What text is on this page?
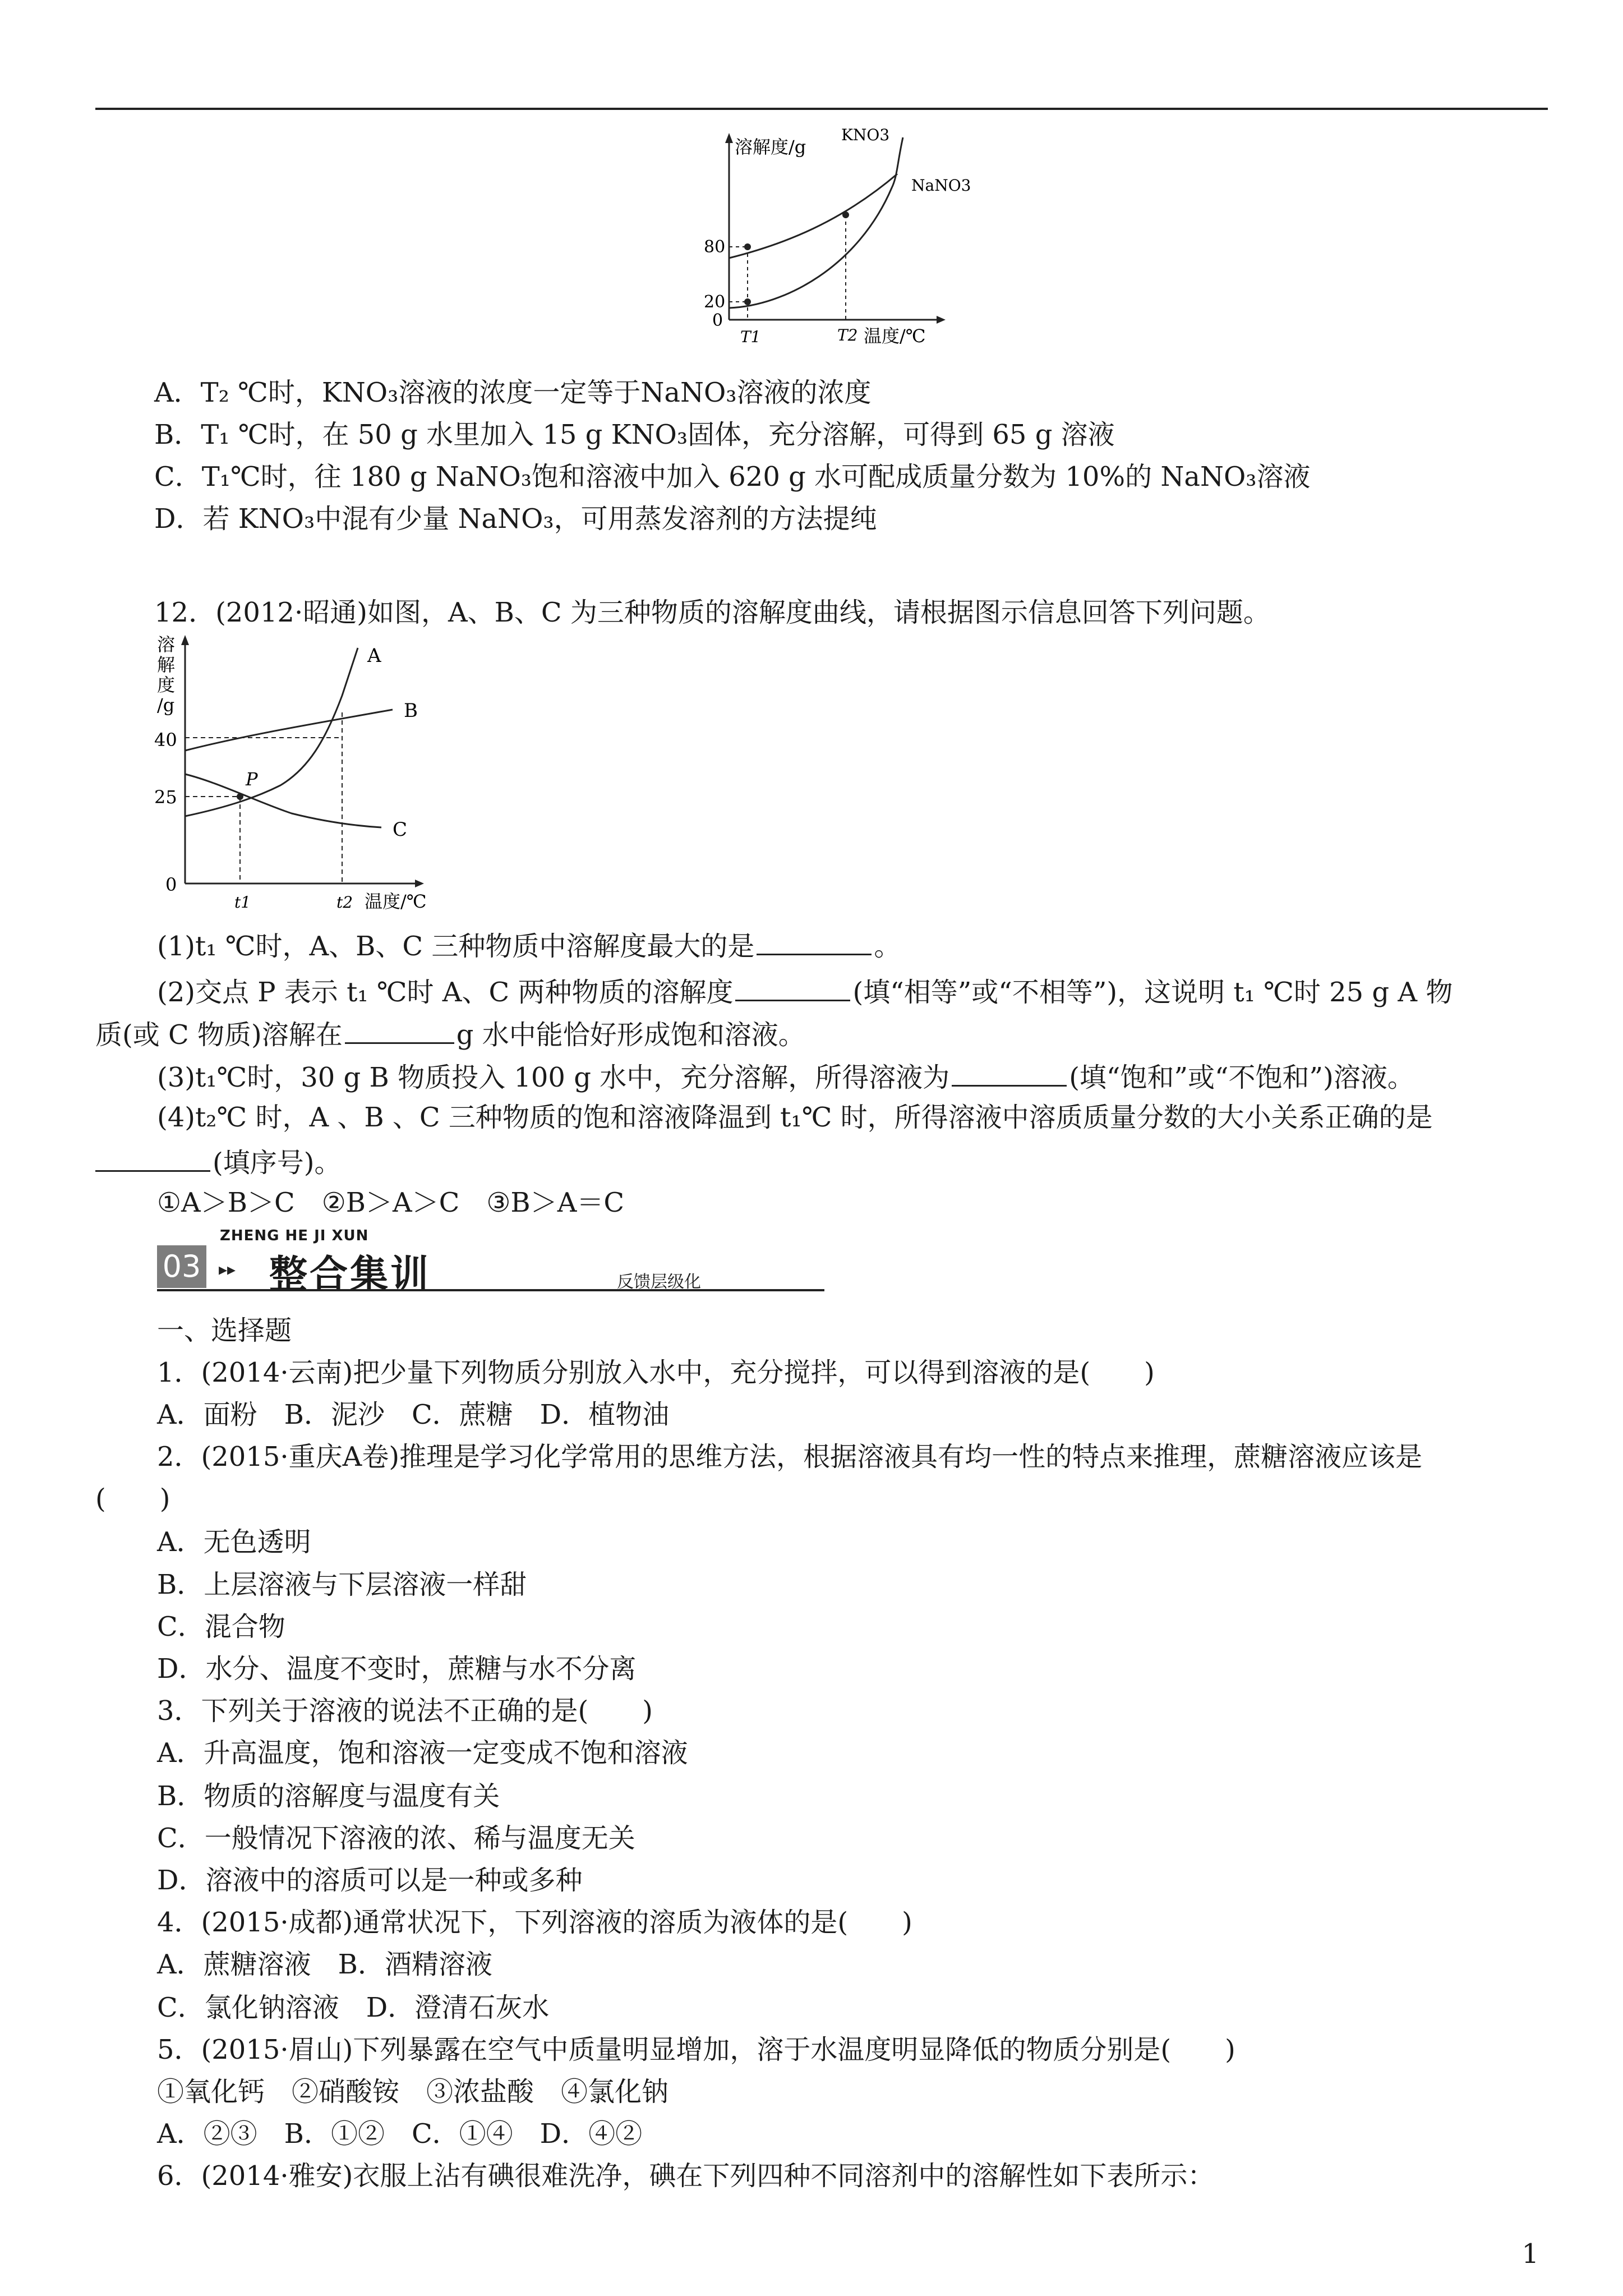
溶解度/g
KNO3
NaNO3
80
20
0
T1	T2 温度/℃
A．T₂ ℃时，KNO₃溶液的浓度一定等于NaNO₃溶液的浓度
B．T₁ ℃时，在 50 g 水里加入 15 g KNO₃固体，充分溶解，可得到 65 g 溶液
C．T₁℃时，往 180 g NaNO₃饱和溶液中加入 620 g 水可配成质量分数为 10%的 NaNO₃溶液
D．若 KNO₃中混有少量 NaNO₃，可用蒸发溶剂的方法提纯
12．(2012·昭通)如图，A、B、C 为三种物质的溶解度曲线，请根据图示信息回答下列问题。
溶
解
度
/g
A
B
C
P
40
25
0
t1	t2 温度/℃
(1)t₁ ℃时，A、B、C 三种物质中溶解度最大的是	。
(2)交点 P 表示 t₁ ℃时 A、C 两种物质的溶解度	(填“相等”或“不相等”)，这说明 t₁ ℃时 25 g A 物
质(或 C 物质)溶解在	g 水中能恰好形成饱和溶液。
(3)t₁℃时，30 g B 物质投入 100 g 水中，充分溶解，所得溶液为	(填“饱和”或“不饱和”)溶液。
(4)t₂℃ 时，A 、B 、C 三种物质的饱和溶液降温到 t₁℃ 时，所得溶液中溶质质量分数的大小关系正确的是
(填序号)。
①A＞B＞C　②B＞A＞C　③B＞A＝C
ZHENG HE JI XUN
03	▸▸ 整合集训	反馈层级化
一、选择题
1．(2014·云南)把少量下列物质分别放入水中，充分搅拌，可以得到溶液的是(　　)
A．面粉　B．泥沙　C．蔗糖　D．植物油
2．(2015·重庆A卷)推理是学习化学常用的思维方法，根据溶液具有均一性的特点来推理，蔗糖溶液应该是
(　　)
A．无色透明
B．上层溶液与下层溶液一样甜
C．混合物
D．水分、温度不变时，蔗糖与水不分离
3．下列关于溶液的说法不正确的是(　　)
A．升高温度，饱和溶液一定变成不饱和溶液
B．物质的溶解度与温度有关
C．一般情况下溶液的浓、稀与温度无关
D．溶液中的溶质可以是一种或多种
4．(2015·成都)通常状况下，下列溶液的溶质为液体的是(　　)
A．蔗糖溶液　B．酒精溶液
C．氯化钠溶液　D．澄清石灰水
5．(2015·眉山)下列暴露在空气中质量明显增加，溶于水温度明显降低的物质分别是(　　)
①氧化钙　②硝酸铵　③浓盐酸　④氯化钠
A．②③　B．①②　C．①④　D．④②
6．(2014·雅安)衣服上沾有碘很难洗净，碘在下列四种不同溶剂中的溶解性如下表所示：
1
